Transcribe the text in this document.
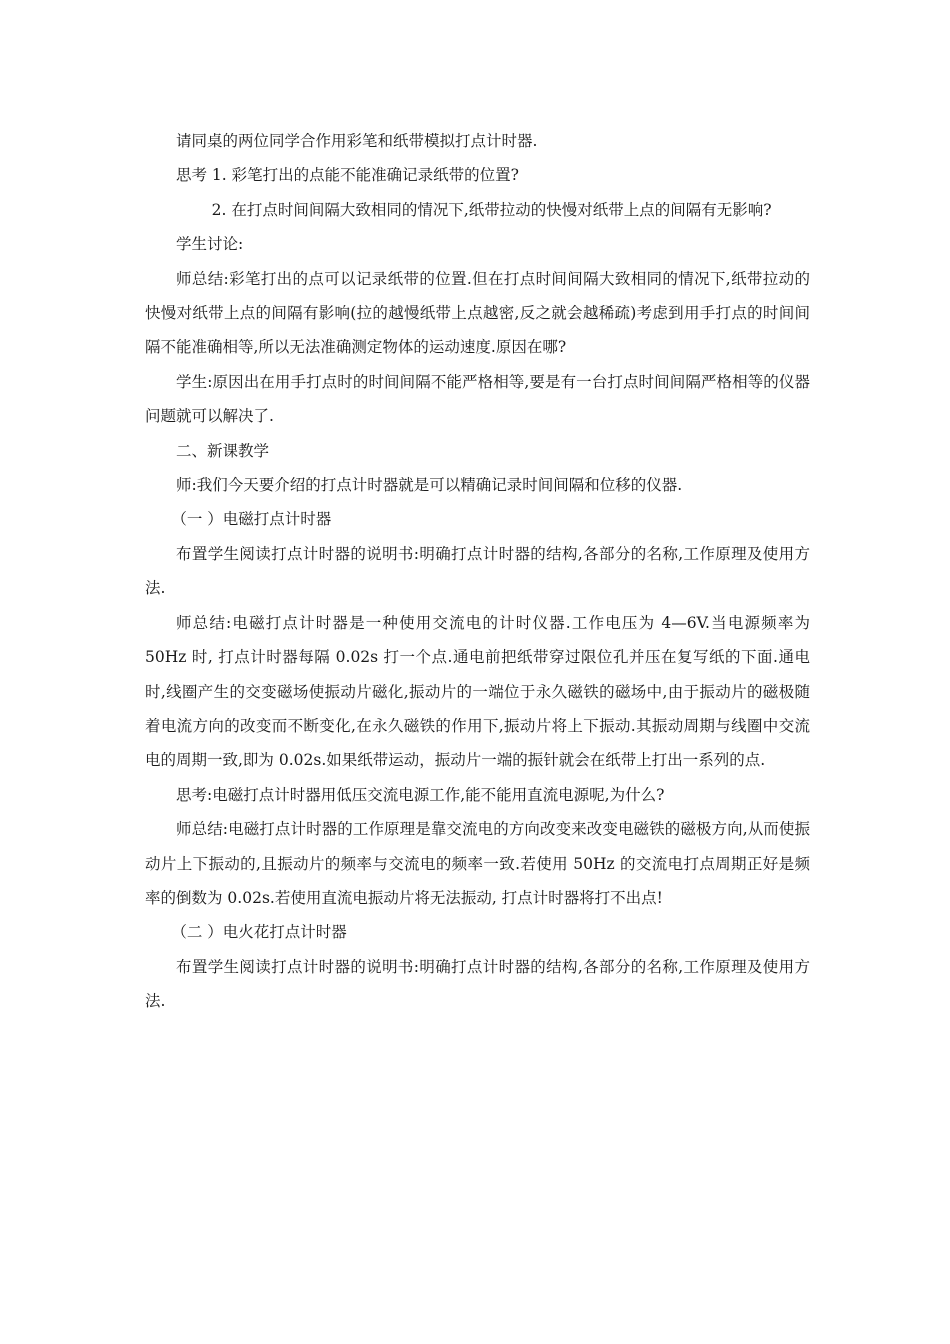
请同桌的两位同学合作用彩笔和纸带模拟打点计时器.

思考 1. 彩笔打出的点能不能准确记录纸带的位置?

2. 在打点时间间隔大致相同的情况下,纸带拉动的快慢对纸带上点的间隔有无影响?

学生讨论:

师总结:彩笔打出的点可以记录纸带的位置.但在打点时间间隔大致相同的情况下,纸带拉动的快慢对纸带上点的间隔有影响(拉的越慢纸带上点越密,反之就会越稀疏)考虑到用手打点的时间间隔不能准确相等,所以无法准确测定物体的运动速度.原因在哪?

学生:原因出在用手打点时的时间间隔不能严格相等,要是有一台打点时间间隔严格相等的仪器问题就可以解决了.

二、新课教学

师:我们今天要介绍的打点计时器就是可以精确记录时间间隔和位移的仪器.

（一 ）电磁打点计时器

布置学生阅读打点计时器的说明书:明确打点计时器的结构,各部分的名称,工作原理及使用方法.

师总结:电磁打点计时器是一种使用交流电的计时仪器.工作电压为 4—6V.当电源频率为 50Hz 时, 打点计时器每隔 0.02s 打一个点.通电前把纸带穿过限位孔并压在复写纸的下面.通电时,线圈产生的交变磁场使振动片磁化,振动片的一端位于永久磁铁的磁场中,由于振动片的磁极随着电流方向的改变而不断变化,在永久磁铁的作用下,振动片将上下振动.其振动周期与线圈中交流电的周期一致,即为 0.02s.如果纸带运动，振动片一端的振针就会在纸带上打出一系列的点.

思考:电磁打点计时器用低压交流电源工作,能不能用直流电源呢,为什么?

师总结:电磁打点计时器的工作原理是靠交流电的方向改变来改变电磁铁的磁极方向,从而使振动片上下振动的,且振动片的频率与交流电的频率一致.若使用 50Hz 的交流电打点周期正好是频率的倒数为 0.02s.若使用直流电振动片将无法振动, 打点计时器将打不出点!

（二 ）电火花打点计时器

布置学生阅读打点计时器的说明书:明确打点计时器的结构,各部分的名称,工作原理及使用方法.
